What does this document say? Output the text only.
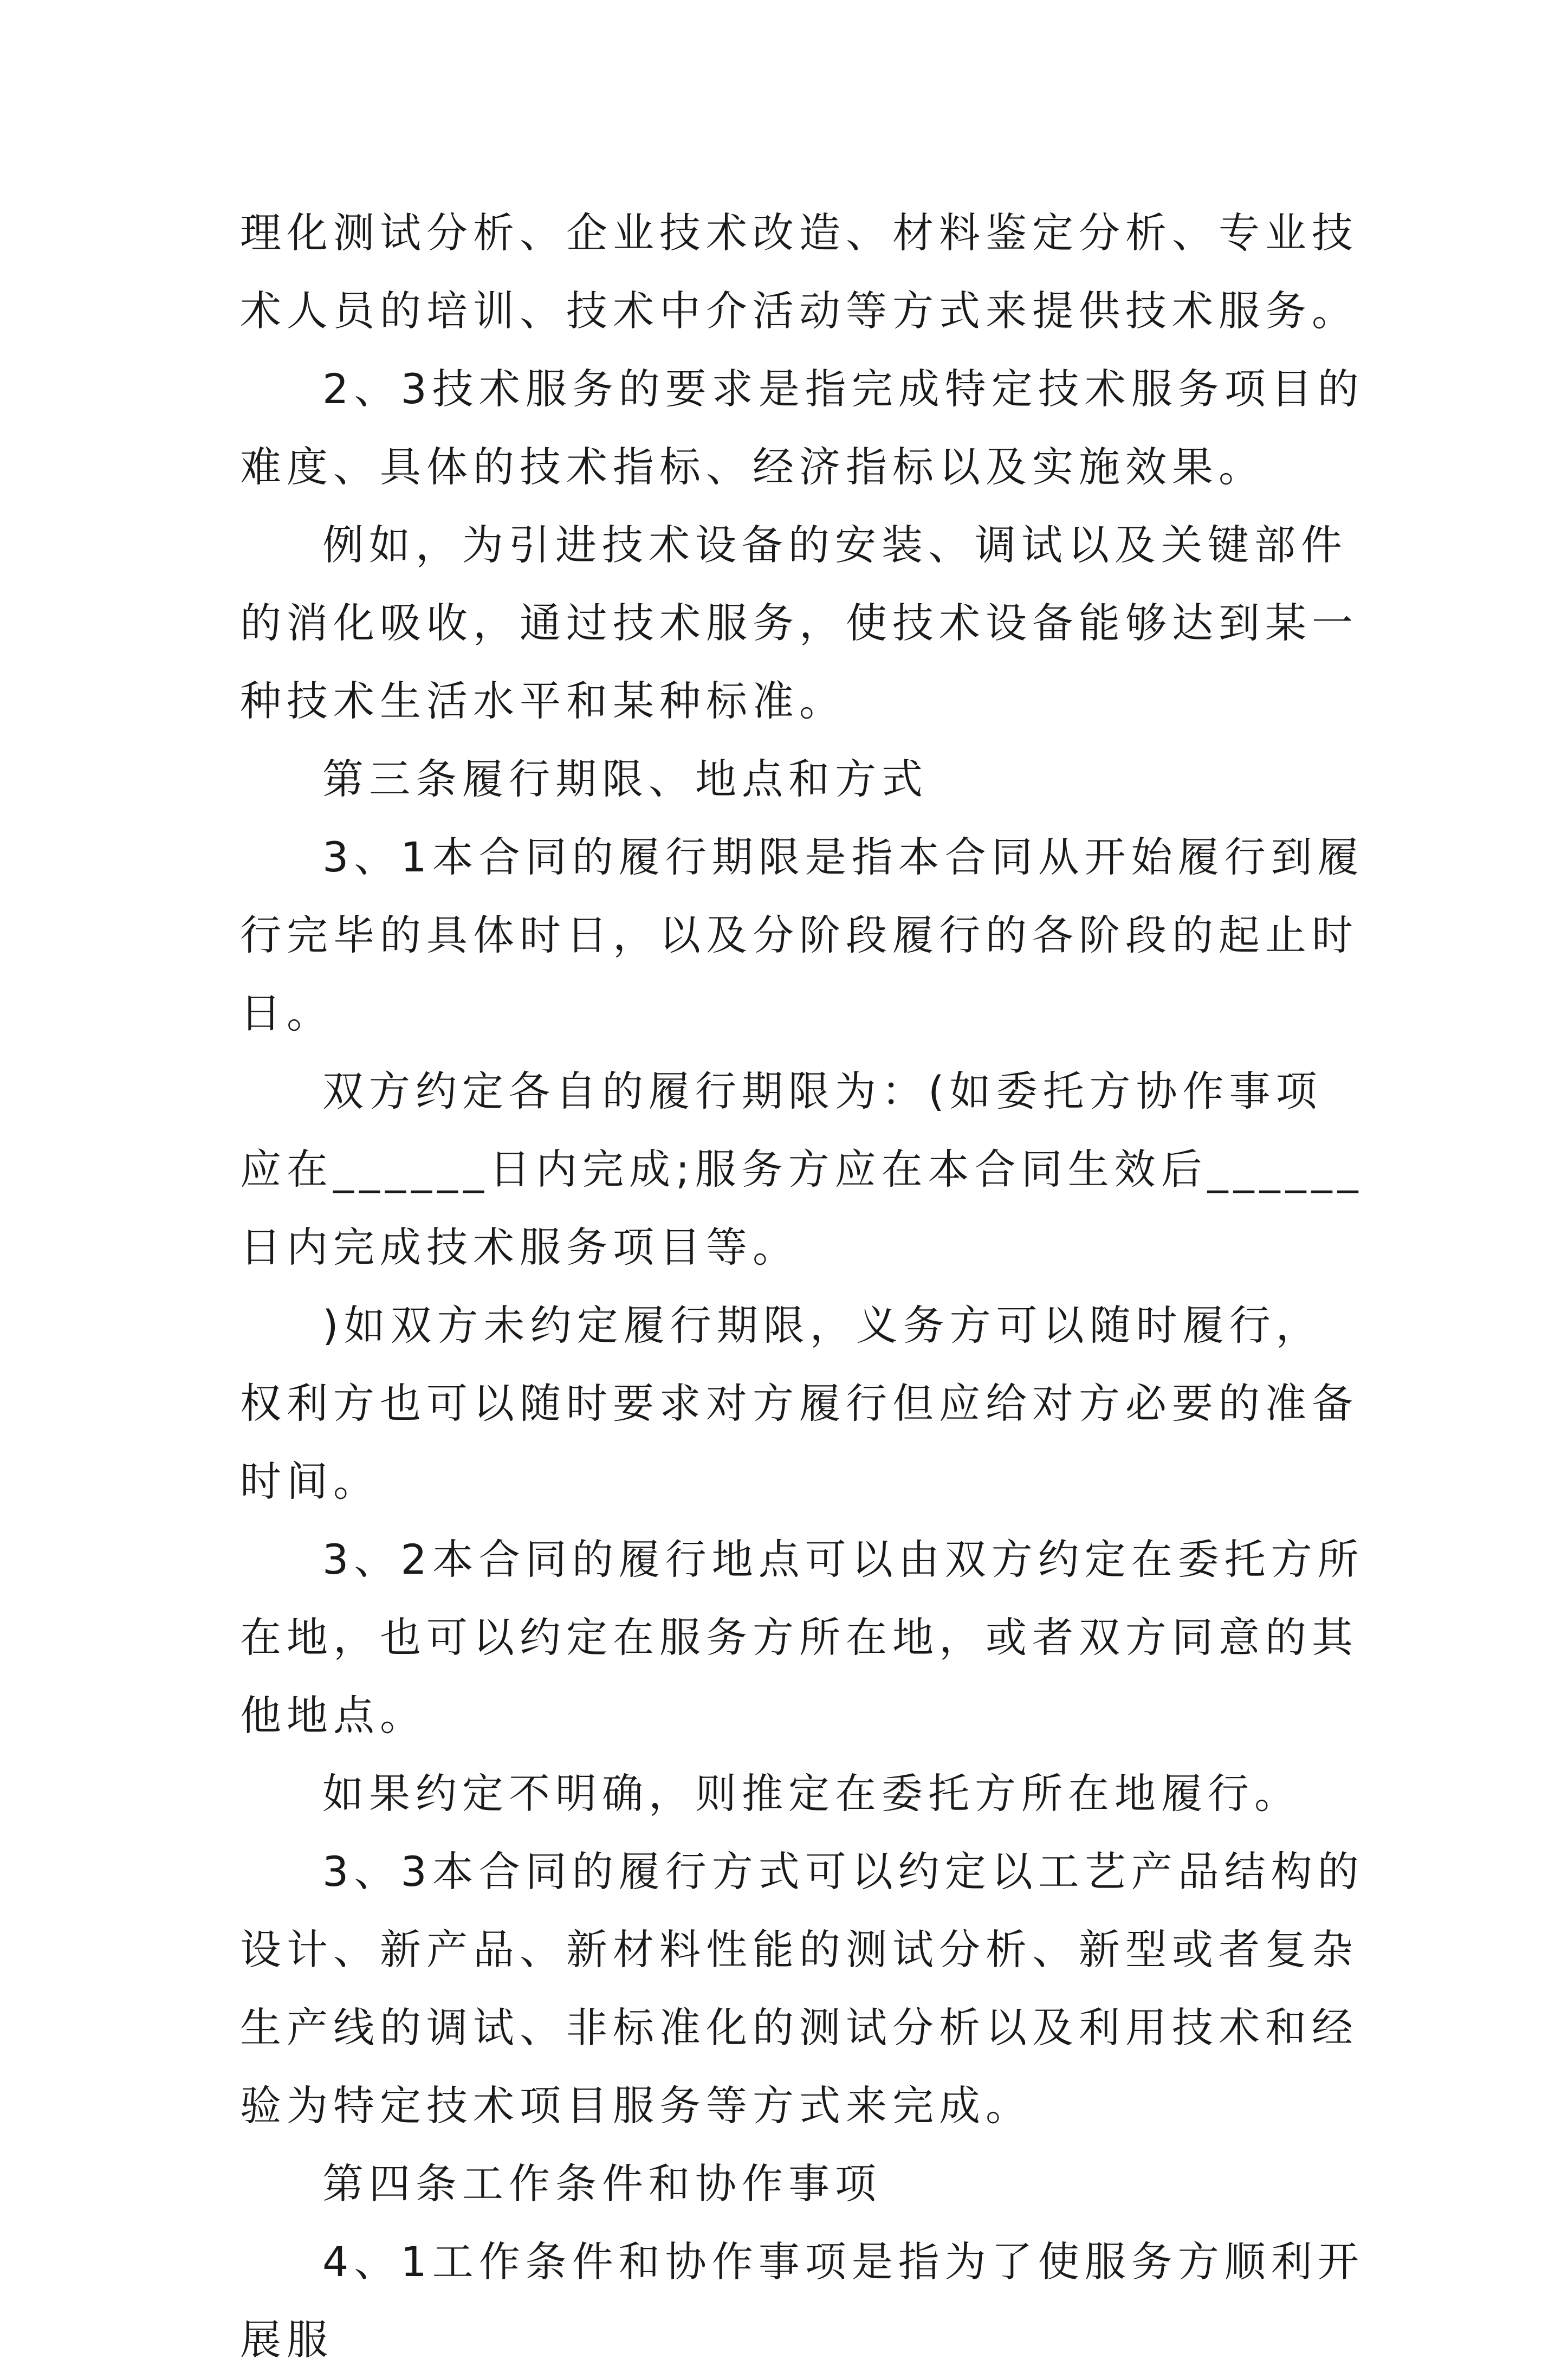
理化测试分析、企业技术改造、材料鉴定分析、专业技术人员的培训、技术中介活动等方式来提供技术服务。

2、3技术服务的要求是指完成特定技术服务项目的难度、具体的技术指标、经济指标以及实施效果。

例如，为引进技术设备的安装、调试以及关键部件的消化吸收，通过技术服务，使技术设备能够达到某一种技术生活水平和某种标准。

第三条履行期限、地点和方式

3、1本合同的履行期限是指本合同从开始履行到履行完毕的具体时日，以及分阶段履行的各阶段的起止时日。

双方约定各自的履行期限为：(如委托方协作事项应在______日内完成;服务方应在本合同生效后______日内完成技术服务项目等。

)如双方未约定履行期限，义务方可以随时履行，权利方也可以随时要求对方履行但应给对方必要的准备时间。

3、2本合同的履行地点可以由双方约定在委托方所在地，也可以约定在服务方所在地，或者双方同意的其他地点。

如果约定不明确，则推定在委托方所在地履行。

3、3本合同的履行方式可以约定以工艺产品结构的设计、新产品、新材料性能的测试分析、新型或者复杂生产线的调试、非标准化的测试分析以及利用技术和经验为特定技术项目服务等方式来完成。

第四条工作条件和协作事项

4、1工作条件和协作事项是指为了使服务方顺利开展服
